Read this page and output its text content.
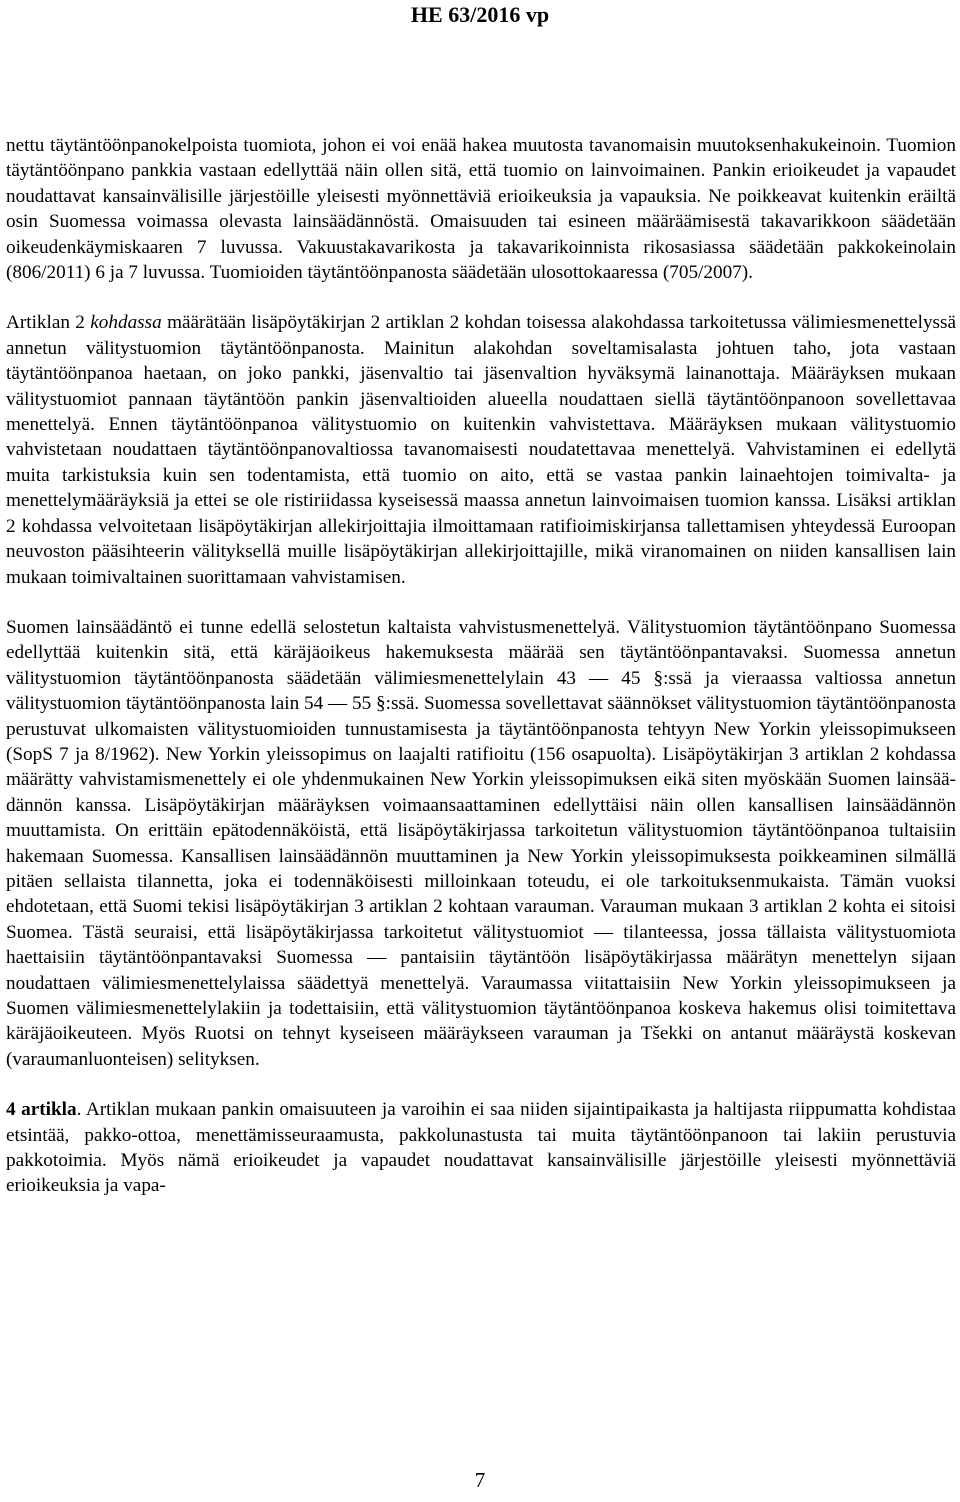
HE 63/2016 vp

nettu täytäntöönpanokelpoista tuomiota, johon ei voi enää hakea muutosta tavanomaisin muutoksenhakukeinoin. Tuomion täytäntöönpano pankkia vastaan edellyttää näin ollen sitä, että tuomio on lainvoimainen. Pankin erioikeudet ja vapaudet noudattavat kansainvälisille järjestöille yleisesti myönnettäviä erioikeuksia ja vapauksia. Ne poikkeavat kuitenkin eräiltä osin Suomessa voimassa olevasta lainsäädännöstä. Omaisuuden tai esineen määräämisestä takavarikkoon säädetään oikeudenkäymiskaaren 7 luvussa. Vakuustakavarikosta ja takavarikoinnista rikosasiassa säädetään pakkokeinolain (806/2011) 6 ja 7 luvussa. Tuomioiden täytäntöönpanosta säädetään ulosottokaaressa (705/2007).

Artiklan 2 kohdassa määrätään lisäpöytäkirjan 2 artiklan 2 kohdan toisessa alakohdassa tarkoitetussa välimiesmenettelyssä annetun välitystuomion täytäntöönpanosta. Mainitun alakohdan soveltamisalasta johtuen taho, jota vastaan täytäntöönpanoa haetaan, on joko pankki, jäsenvaltio tai jäsenvaltion hyväksymä lainanottaja. Määräyksen mukaan välitystuomiot pannaan täytäntöön pankin jäsenvaltioiden alueella noudattaen siellä täytäntöönpanoon sovellettavaa menettelyä. Ennen täytäntöönpanoa välitystuomio on kuitenkin vahvistettava. Määräyksen mukaan välitystuomio vahvistetaan noudattaen täytäntöönpanovaltiossa tavanomaisesti noudatettavaa menettelyä. Vahvistaminen ei edellytä muita tarkistuksia kuin sen todentamista, että tuomio on aito, että se vastaa pankin lainaehtojen toimivalta- ja menettelymääräyksiä ja ettei se ole ristiriidassa kyseisessä maassa annetun lainvoimaisen tuomion kanssa. Lisäksi artiklan 2 kohdassa velvoitetaan lisäpöytäkirjan allekirjoittajia ilmoittamaan ratifioimiskirjansa tallettamisen yhteydessä Euroopan neuvoston pääsihteerin välityksellä muille lisäpöytäkirjan allekirjoittajille, mikä viranomainen on niiden kansallisen lain mukaan toimivaltainen suorittamaan vahvistamisen.

Suomen lainsäädäntö ei tunne edellä selostetun kaltaista vahvistusmenettelyä. Välitystuomion täytäntöönpano Suomessa edellyttää kuitenkin sitä, että käräjäoikeus hakemuksesta määrää sen täytäntöönpantavaksi. Suomessa annetun välitystuomion täytäntöönpanosta säädetään välimiesmenettelylain 43 — 45 §:ssä ja vieraassa valtiossa annetun välitystuomion täytäntöönpanosta lain 54 — 55 §:ssä. Suomessa sovellettavat säännökset välitystuomion täytäntöönpanosta perustuvat ulkomaisten välitystuomioiden tunnustamisesta ja täytäntöönpanosta tehtyyn New Yorkin yleissopimukseen (SopS 7 ja 8/1962). New Yorkin yleissopimus on laajalti ratifioitu (156 osapuolta). Lisäpöytäkirjan 3 artiklan 2 kohdassa määrätty vahvistamismenettely ei ole yhdenmukainen New Yorkin yleissopimuksen eikä siten myöskään Suomen lainsäädännön kanssa. Lisäpöytäkirjan määräyksen voimaansaattaminen edellyttäisi näin ollen kansallisen lainsäädännön muuttamista. On erittäin epätodennäköistä, että lisäpöytäkirjassa tarkoitetun välitystuomion täytäntöönpanoa tultaisiin hakemaan Suomessa. Kansallisen lainsäädännön muuttaminen ja New Yorkin yleissopimuksesta poikkeaminen silmällä pitäen sellaista tilannetta, joka ei todennäköisesti milloinkaan toteudu, ei ole tarkoituksenmukaista. Tämän vuoksi ehdotetaan, että Suomi tekisi lisäpöytäkirjan 3 artiklan 2 kohtaan varauman. Varauman mukaan 3 artiklan 2 kohta ei sitoisi Suomea. Tästä seuraisi, että lisäpöytäkirjassa tarkoitetut välitystuomiot — tilanteessa, jossa tällaista välitystuomiota haettaisiin täytäntöönpantavaksi Suomessa — pantaisiin täytäntöön lisäpöytäkirjassa määrätyn menettelyn sijaan noudattaen välimiesmenettelylaissa säädettyä menettelyä. Varaumassa viitattaisiin New Yorkin yleissopimukseen ja Suomen välimiesmenettelylakiin ja todettaisiin, että välitystuomion täytäntöönpanoa koskeva hakemus olisi toimitettava käräjäoikeuteen. Myös Ruotsi on tehnyt kyseiseen määräykseen varauman ja Tšekki on antanut määräystä koskevan (varaumanluonteisen) selityksen.

4 artikla. Artiklan mukaan pankin omaisuuteen ja varoihin ei saa niiden sijaintipaikasta ja haltijasta riippumatta kohdistaa etsintää, pakko-ottoa, menettämisseuraamusta, pakkolunastusta tai muita täytäntöönpanoon tai lakiin perustuvia pakkotoimia. Myös nämä erioikeudet ja vapaudet noudattavat kansainvälisille järjestöille yleisesti myönnettäviä erioikeuksia ja vapa-

7
